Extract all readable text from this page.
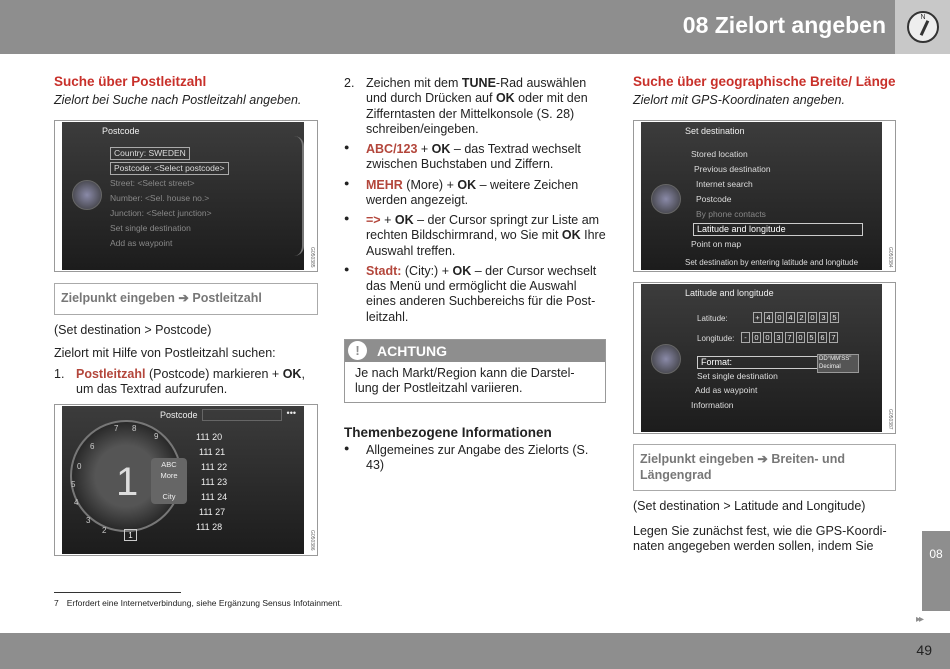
08 Zielort angeben	N
Suche über Postleitzahl
Zielort bei Suche nach Postleitzahl angeben.
Postcode
Country: SWEDEN
Postcode: <Select postcode>
Street: <Select street>
Number: <Sel. house no.>
Junction: <Select junction>
Set single destination
Add as waypoint
G050385
Zielpunkt eingeben ➔ Postleitzahl

(Set destination > Postcode)

Zielort mit Hilfe von Postleitzahl suchen:

1. Postleitzahl (Postcode) markieren + OK, um das Textrad aufzurufen.
Postcode	•••
7 8
9
6
0
5
4
3
2
1	ABC
More
City
111 20
111 21
111 22
111 23
111 24
111 27
111 28
1	G050386
2. Zeichen mit dem TUNE-Rad auswählen und durch Drücken auf OK oder mit den Zifferntasten der Mittelkonsole (S. 28) schreiben/eingeben.
● ABC/123 + OK – das Textrad wechselt zwischen Buchstaben und Ziffern.
● MEHR (More) + OK – weitere Zeichen werden angezeigt.
● => + OK – der Cursor springt zur Liste am rechten Bildschirmrand, wo Sie mit OK Ihre Auswahl treffen.
● Stadt: (City:) + OK – der Cursor wechselt das Menü und ermöglicht die Auswahl eines anderen Suchbereichs für die Post-leitzahl.
!	ACHTUNG
Je nach Markt/Region kann die Darstel-lung der Postleitzahl variieren.
Themenbezogene Informationen
● Allgemeines zur Angabe des Zielorts (S. 43)
Suche über geographische Breite/ Länge
Zielort mit GPS-Koordinaten angeben.
Set destination
Stored location
Previous destination
Internet search
Postcode
By phone contacts
Latitude and longitude
Point on map
Set destination by entering latitude and longitude	G050384
Latitude and longitude
Latitude:	+ 4 0 4 2 0 3 5
Longitude:	-	0 0 3 7 0 5 6 7
Format:	DD°MM'SS"
Decimal
Set single destination
Add as waypoint
Information
G050387
Zielpunkt eingeben ➔ Breiten- und Längengrad

(Set destination > Latitude and Longitude)

Legen Sie zunächst fest, wie die GPS-Koordi-naten angegeben werden sollen, indem Sie

7 Erfordert eine Internetverbindung, siehe Ergänzung Sensus Infotainment.
08
▸▸
49
